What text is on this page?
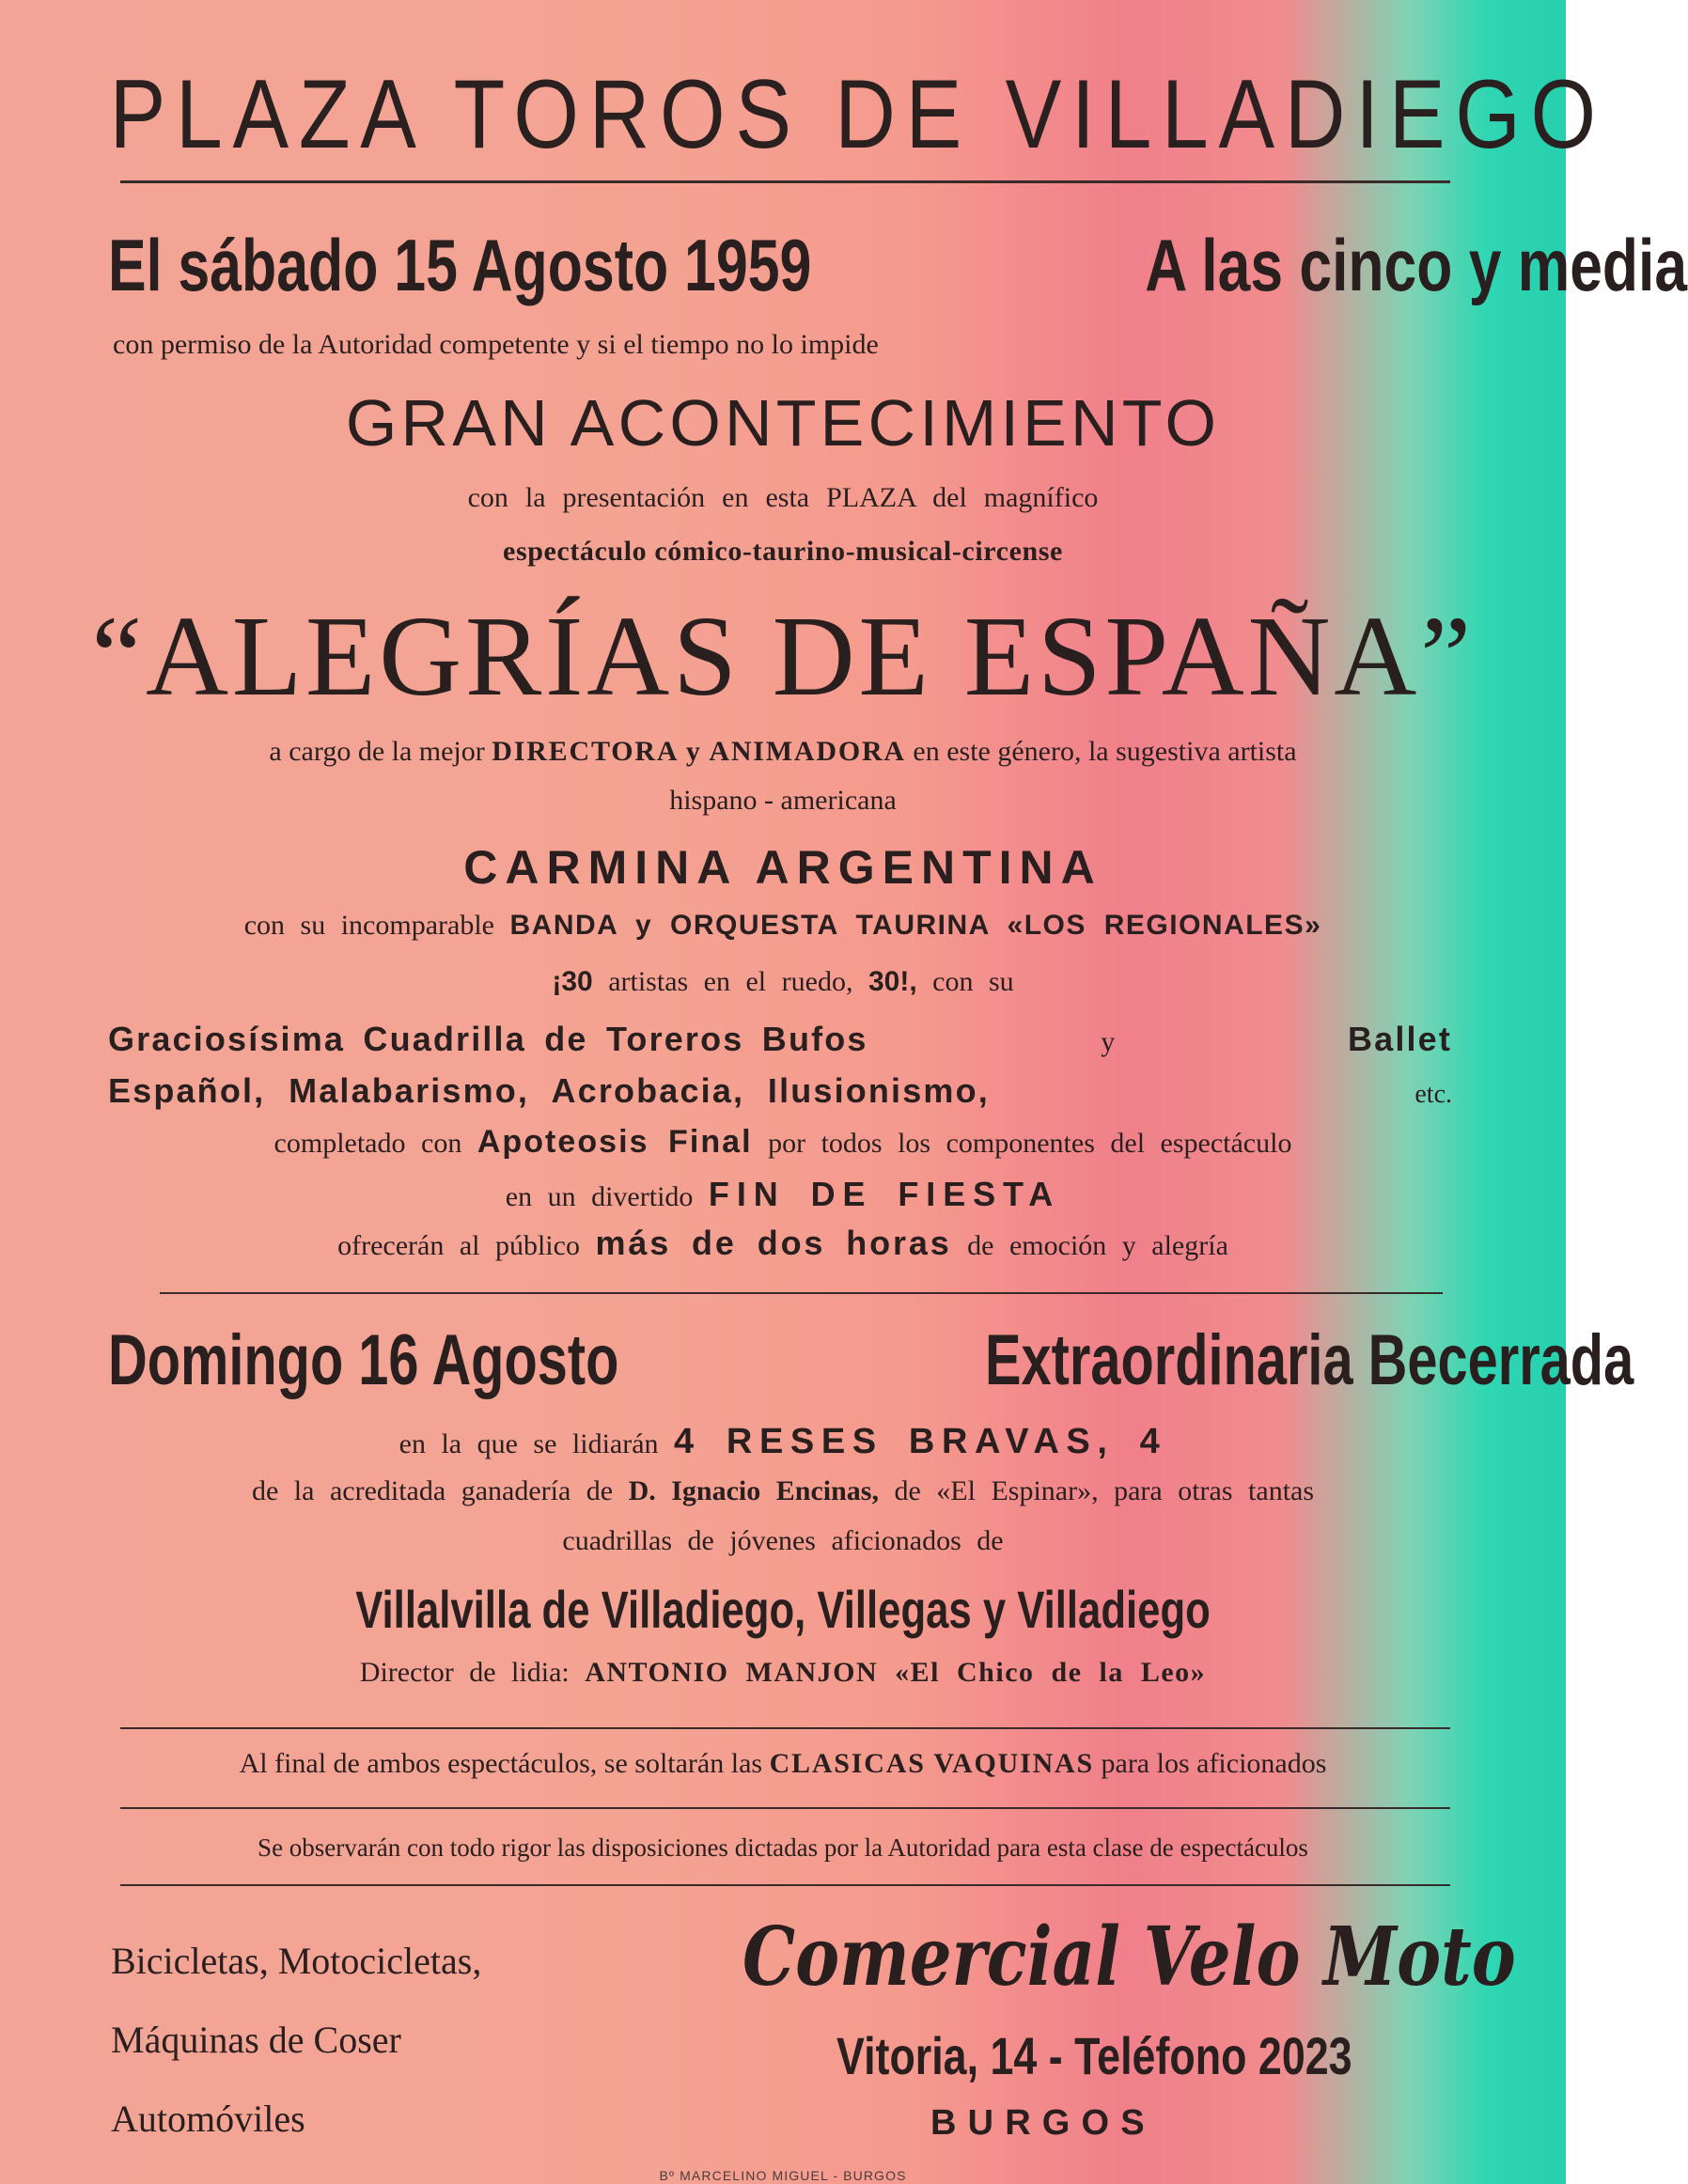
PLAZA TOROS DE VILLADIEGO
El sábado 15 Agosto 1959	A las cinco y media
con permiso de la Autoridad competente y si el tiempo no lo impide
GRAN ACONTECIMIENTO
con la presentación en esta PLAZA del magnífico
espectáculo cómico-taurino-musical-circense
“ALEGRÍAS DE ESPAÑA”
a cargo de la mejor DIRECTORA y ANIMADORA en este género, la sugestiva artista
hispano - americana
CARMINA ARGENTINA
con su incomparable BANDA y ORQUESTA TAURINA «LOS REGIONALES»
¡30 artistas en el ruedo, 30!, con su
Graciosísima Cuadrilla de Toreros Bufos	y	Ballet
Español, Malabarismo, Acrobacia, Ilusionismo,	etc.
completado con Apoteosis Final por todos los componentes del espectáculo
en un divertido FIN DE FIESTA
ofrecerán al público más de dos horas de emoción y alegría
Domingo 16 Agosto	Extraordinaria Becerrada
en la que se lidiarán 4 RESES BRAVAS, 4
de la acreditada ganadería de D. Ignacio Encinas, de «El Espinar», para otras tantas
cuadrillas de jóvenes aficionados de
Villalvilla de Villadiego, Villegas y Villadiego
Director de lidia: ANTONIO MANJON «El Chico de la Leo»
Al final de ambos espectáculos, se soltarán las CLASICAS VAQUINAS para los aficionados
Se observarán con todo rigor las disposiciones dictadas por la Autoridad para esta clase de espectáculos
Bicicletas, Motocicletas,
Máquinas de Coser
Automóviles
Comercial Velo Moto
Vitoria, 14 - Teléfono 2023
BURGOS
Bº MARCELINO MIGUEL - BURGOS
